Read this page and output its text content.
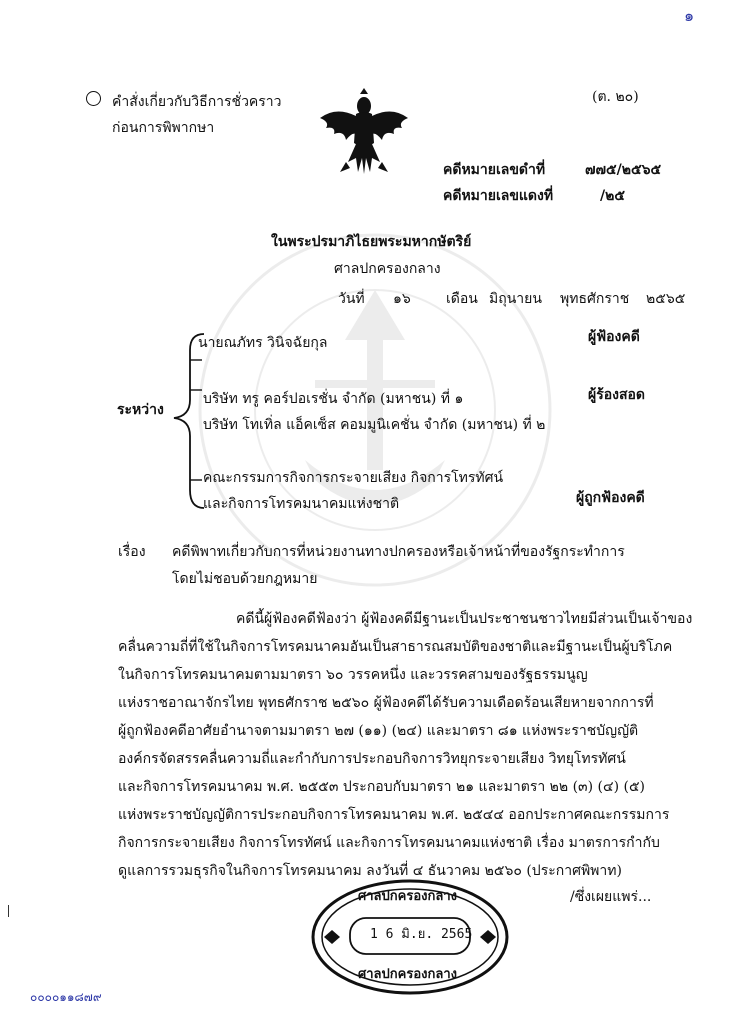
๑
คำสั่งเกี่ยวกับวิธีการชั่วคราว
ก่อนการพิพากษา
(ต. ๒๐)
คดีหมายเลขดำที่	๗๗๕/๒๕๖๕
คดีหมายเลขแดงที่	/๒๕
ในพระปรมาภิไธยพระมหากษัตริย์
ศาลปกครองกลาง
วันที่ ๑๖	เดือน มิถุนายน พุทธศักราช ๒๕๖๕
ระหว่าง
นายณภัทร วินิจฉัยกุล	ผู้ฟ้องคดี
บริษัท ทรู คอร์ปอเรชั่น จำกัด (มหาชน) ที่ ๑	ผู้ร้องสอด
บริษัท โทเทิ่ล แอ็คเซ็ส คอมมูนิเคชั่น จำกัด (มหาชน) ที่ ๒
คณะกรรมการกิจการกระจายเสียง กิจการโทรทัศน์
และกิจการโทรคมนาคมแห่งชาติ	ผู้ถูกฟ้องคดี
เรื่อง คดีพิพาทเกี่ยวกับการที่หน่วยงานทางปกครองหรือเจ้าหน้าที่ของรัฐกระทำการ
โดยไม่ชอบด้วยกฎหมาย
คดีนี้ผู้ฟ้องคดีฟ้องว่า ผู้ฟ้องคดีมีฐานะเป็นประชาชนชาวไทยมีส่วนเป็นเจ้าของ
คลื่นความถี่ที่ใช้ในกิจการโทรคมนาคมอันเป็นสาธารณสมบัติของชาติและมีฐานะเป็นผู้บริโภค
ในกิจการโทรคมนาคมตามมาตรา ๖๐ วรรคหนึ่ง และวรรคสามของรัฐธรรมนูญ
แห่งราชอาณาจักรไทย พุทธศักราช ๒๕๖๐ ผู้ฟ้องคดีได้รับความเดือดร้อนเสียหายจากการที่
ผู้ถูกฟ้องคดีอาศัยอำนาจตามมาตรา ๒๗ (๑๑) (๒๔) และมาตรา ๘๑ แห่งพระราชบัญญัติ
องค์กรจัดสรรคลื่นความถี่และกำกับการประกอบกิจการวิทยุกระจายเสียง วิทยุโทรทัศน์
และกิจการโทรคมนาคม พ.ศ. ๒๕๕๓ ประกอบกับมาตรา ๒๑ และมาตรา ๒๒ (๓) (๔) (๕)
แห่งพระราชบัญญัติการประกอบกิจการโทรคมนาคม พ.ศ. ๒๕๔๔ ออกประกาศคณะกรรมการ
กิจการกระจายเสียง กิจการโทรทัศน์ และกิจการโทรคมนาคมแห่งชาติ เรื่อง มาตรการกำกับ
ดูแลการรวมธุรกิจในกิจการโทรคมนาคม ลงวันที่ ๔ ธันวาคม ๒๕๖๐ (ประกาศพิพาท)
/ซึ่งเผยแพร่...
ศาลปกครองกลาง
1 6 มิ.ย. 2565
ศาลปกครองกลาง
๐๐๐๐๑๑๘๗๙
